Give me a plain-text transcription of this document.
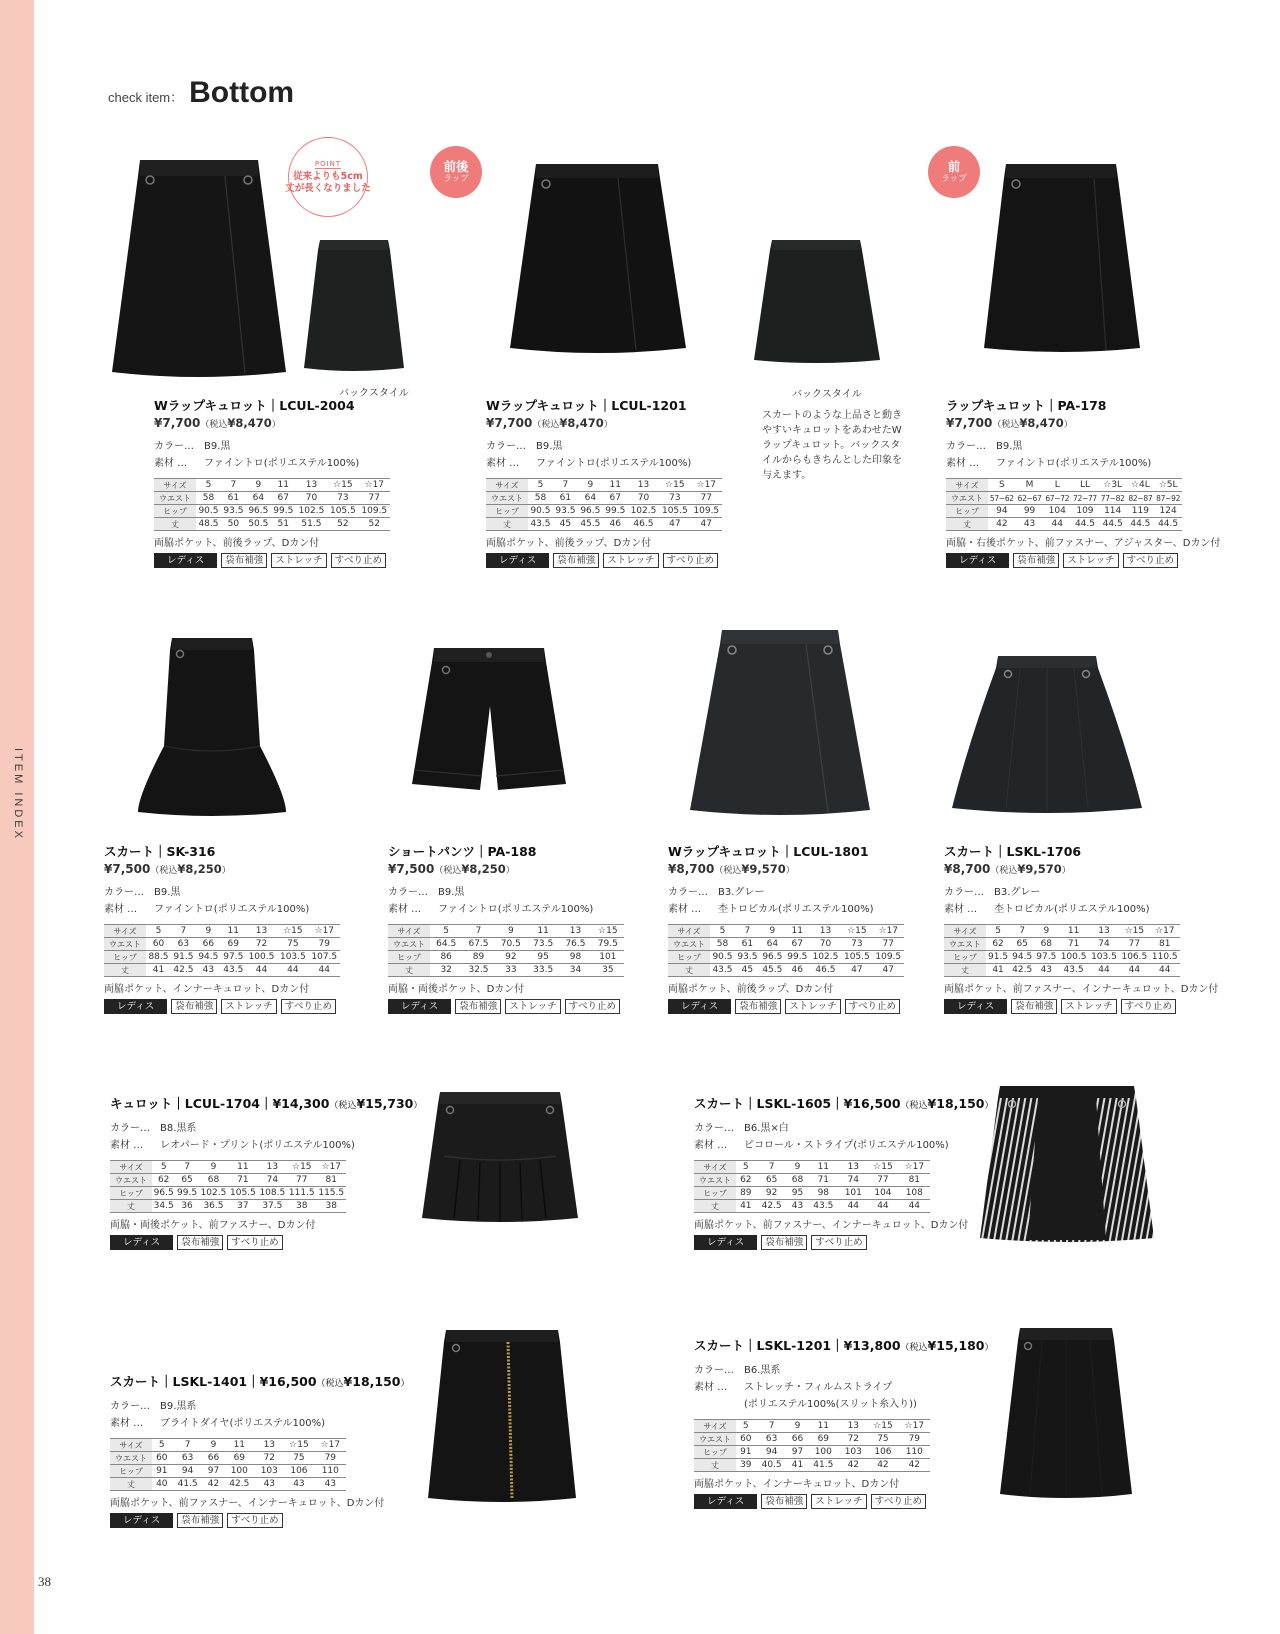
ITEM INDEX
38
check item： Bottom
バックスタイル	バックスタイル
スカートのような上品さと動きやすいキュロットをあわせたWラップキュロット。バックスタイルからもきちんとした印象を与えます。
POINT
従来よりも5cm
丈が長くなりました
前後
ラップ
前
ラップ
Wラップキュロット｜LCUL-2004
¥7,700（税込¥8,470）
カラー… B9.黒
素材 … ファイントロ(ポリエステル100%)
サイズ	5	7	9	11	13	☆15	☆17
ウエスト	58	61	64	67	70	73	77
ヒップ	90.5	93.5	96.5	99.5	102.5	105.5	109.5
丈	48.5	50	50.5	51	51.5	52	52
両脇ポケット、前後ラップ、Dカン付
レディス	袋布補強	ストレッチ	すべり止め
Wラップキュロット｜LCUL-1201
¥7,700（税込¥8,470）
カラー… B9.黒
素材 … ファイントロ(ポリエステル100%)
サイズ	5	7	9	11	13	☆15	☆17
ウエスト	58	61	64	67	70	73	77
ヒップ	90.5	93.5	96.5	99.5	102.5	105.5	109.5
丈	43.5	45	45.5	46	46.5	47	47
両脇ポケット、前後ラップ、Dカン付
レディス	袋布補強	ストレッチ	すべり止め
ラップキュロット｜PA-178
¥7,700（税込¥8,470）
カラー… B9.黒
素材 … ファイントロ(ポリエステル100%)
サイズ	S	M	L	LL	☆3L	☆4L	☆5L
ウエスト	57~62	62~67	67~72	72~77	77~82	82~87	87~92
ヒップ	94	99	104	109	114	119	124
丈	42	43	44	44.5	44.5	44.5	44.5
両脇・右後ポケット、前ファスナー、アジャスター、Dカン付
レディス	袋布補強	ストレッチ	すべり止め
スカート｜SK-316
¥7,500（税込¥8,250）
カラー… B9.黒
素材 … ファイントロ(ポリエステル100%)
サイズ	5	7	9	11	13	☆15	☆17
ウエスト	60	63	66	69	72	75	79
ヒップ	88.5	91.5	94.5	97.5	100.5	103.5	107.5
丈	41	42.5	43	43.5	44	44	44
両脇ポケット、インナーキュロット、Dカン付
レディス	袋布補強	ストレッチ	すべり止め
ショートパンツ｜PA-188
¥7,500（税込¥8,250）
カラー… B9.黒
素材 … ファイントロ(ポリエステル100%)
サイズ	5	7	9	11	13	☆15
ウエスト	64.5	67.5	70.5	73.5	76.5	79.5
ヒップ	86	89	92	95	98	101
丈	32	32.5	33	33.5	34	35
両脇・両後ポケット、Dカン付
レディス	袋布補強	ストレッチ	すべり止め
Wラップキュロット｜LCUL-1801
¥8,700（税込¥9,570）
カラー… B3.グレー
素材 … 杢トロピカル(ポリエステル100%)
サイズ	5	7	9	11	13	☆15	☆17
ウエスト	58	61	64	67	70	73	77
ヒップ	90.5	93.5	96.5	99.5	102.5	105.5	109.5
丈	43.5	45	45.5	46	46.5	47	47
両脇ポケット、前後ラップ、Dカン付
レディス	袋布補強	ストレッチ	すべり止め
スカート｜LSKL-1706
¥8,700（税込¥9,570）
カラー… B3.グレー
素材 … 杢トロピカル(ポリエステル100%)
サイズ	5	7	9	11	13	☆15	☆17
ウエスト	62	65	68	71	74	77	81
ヒップ	91.5	94.5	97.5	100.5	103.5	106.5	110.5
丈	41	42.5	43	43.5	44	44	44
両脇ポケット、前ファスナー、インナーキュロット、Dカン付
レディス	袋布補強	ストレッチ	すべり止め
キュロット｜LCUL-1704｜¥14,300（税込¥15,730）
カラー… B8.黒系
素材 … レオパード・プリント(ポリエステル100%)
サイズ	5	7	9	11	13	☆15	☆17
ウエスト	62	65	68	71	74	77	81
ヒップ	96.5	99.5	102.5	105.5	108.5	111.5	115.5
丈	34.5	36	36.5	37	37.5	38	38
両脇・両後ポケット、前ファスナー、Dカン付
レディス	袋布補強	すべり止め
スカート｜LSKL-1605｜¥16,500（税込¥18,150）
カラー… B6.黒×白
素材 … ピコロール・ストライプ(ポリエステル100%)
サイズ	5	7	9	11	13	☆15	☆17
ウエスト	62	65	68	71	74	77	81
ヒップ	89	92	95	98	101	104	108
丈	41	42.5	43	43.5	44	44	44
両脇ポケット、前ファスナー、インナーキュロット、Dカン付
レディス	袋布補強	すべり止め
スカート｜LSKL-1401｜¥16,500（税込¥18,150）
カラー… B9.黒系
素材 … ブライトダイヤ(ポリエステル100%)
サイズ	5	7	9	11	13	☆15	☆17
ウエスト	60	63	66	69	72	75	79
ヒップ	91	94	97	100	103	106	110
丈	40	41.5	42	42.5	43	43	43
両脇ポケット、前ファスナー、インナーキュロット、Dカン付
レディス	袋布補強	すべり止め
スカート｜LSKL-1201｜¥13,800（税込¥15,180）
カラー… B6.黒系
素材 … ストレッチ・フィルムストライプ
(ポリエステル100%(スリット糸入り))
サイズ	5	7	9	11	13	☆15	☆17
ウエスト	60	63	66	69	72	75	79
ヒップ	91	94	97	100	103	106	110
丈	39	40.5	41	41.5	42	42	42
両脇ポケット、インナーキュロット、Dカン付
レディス	袋布補強	ストレッチ	すべり止め
